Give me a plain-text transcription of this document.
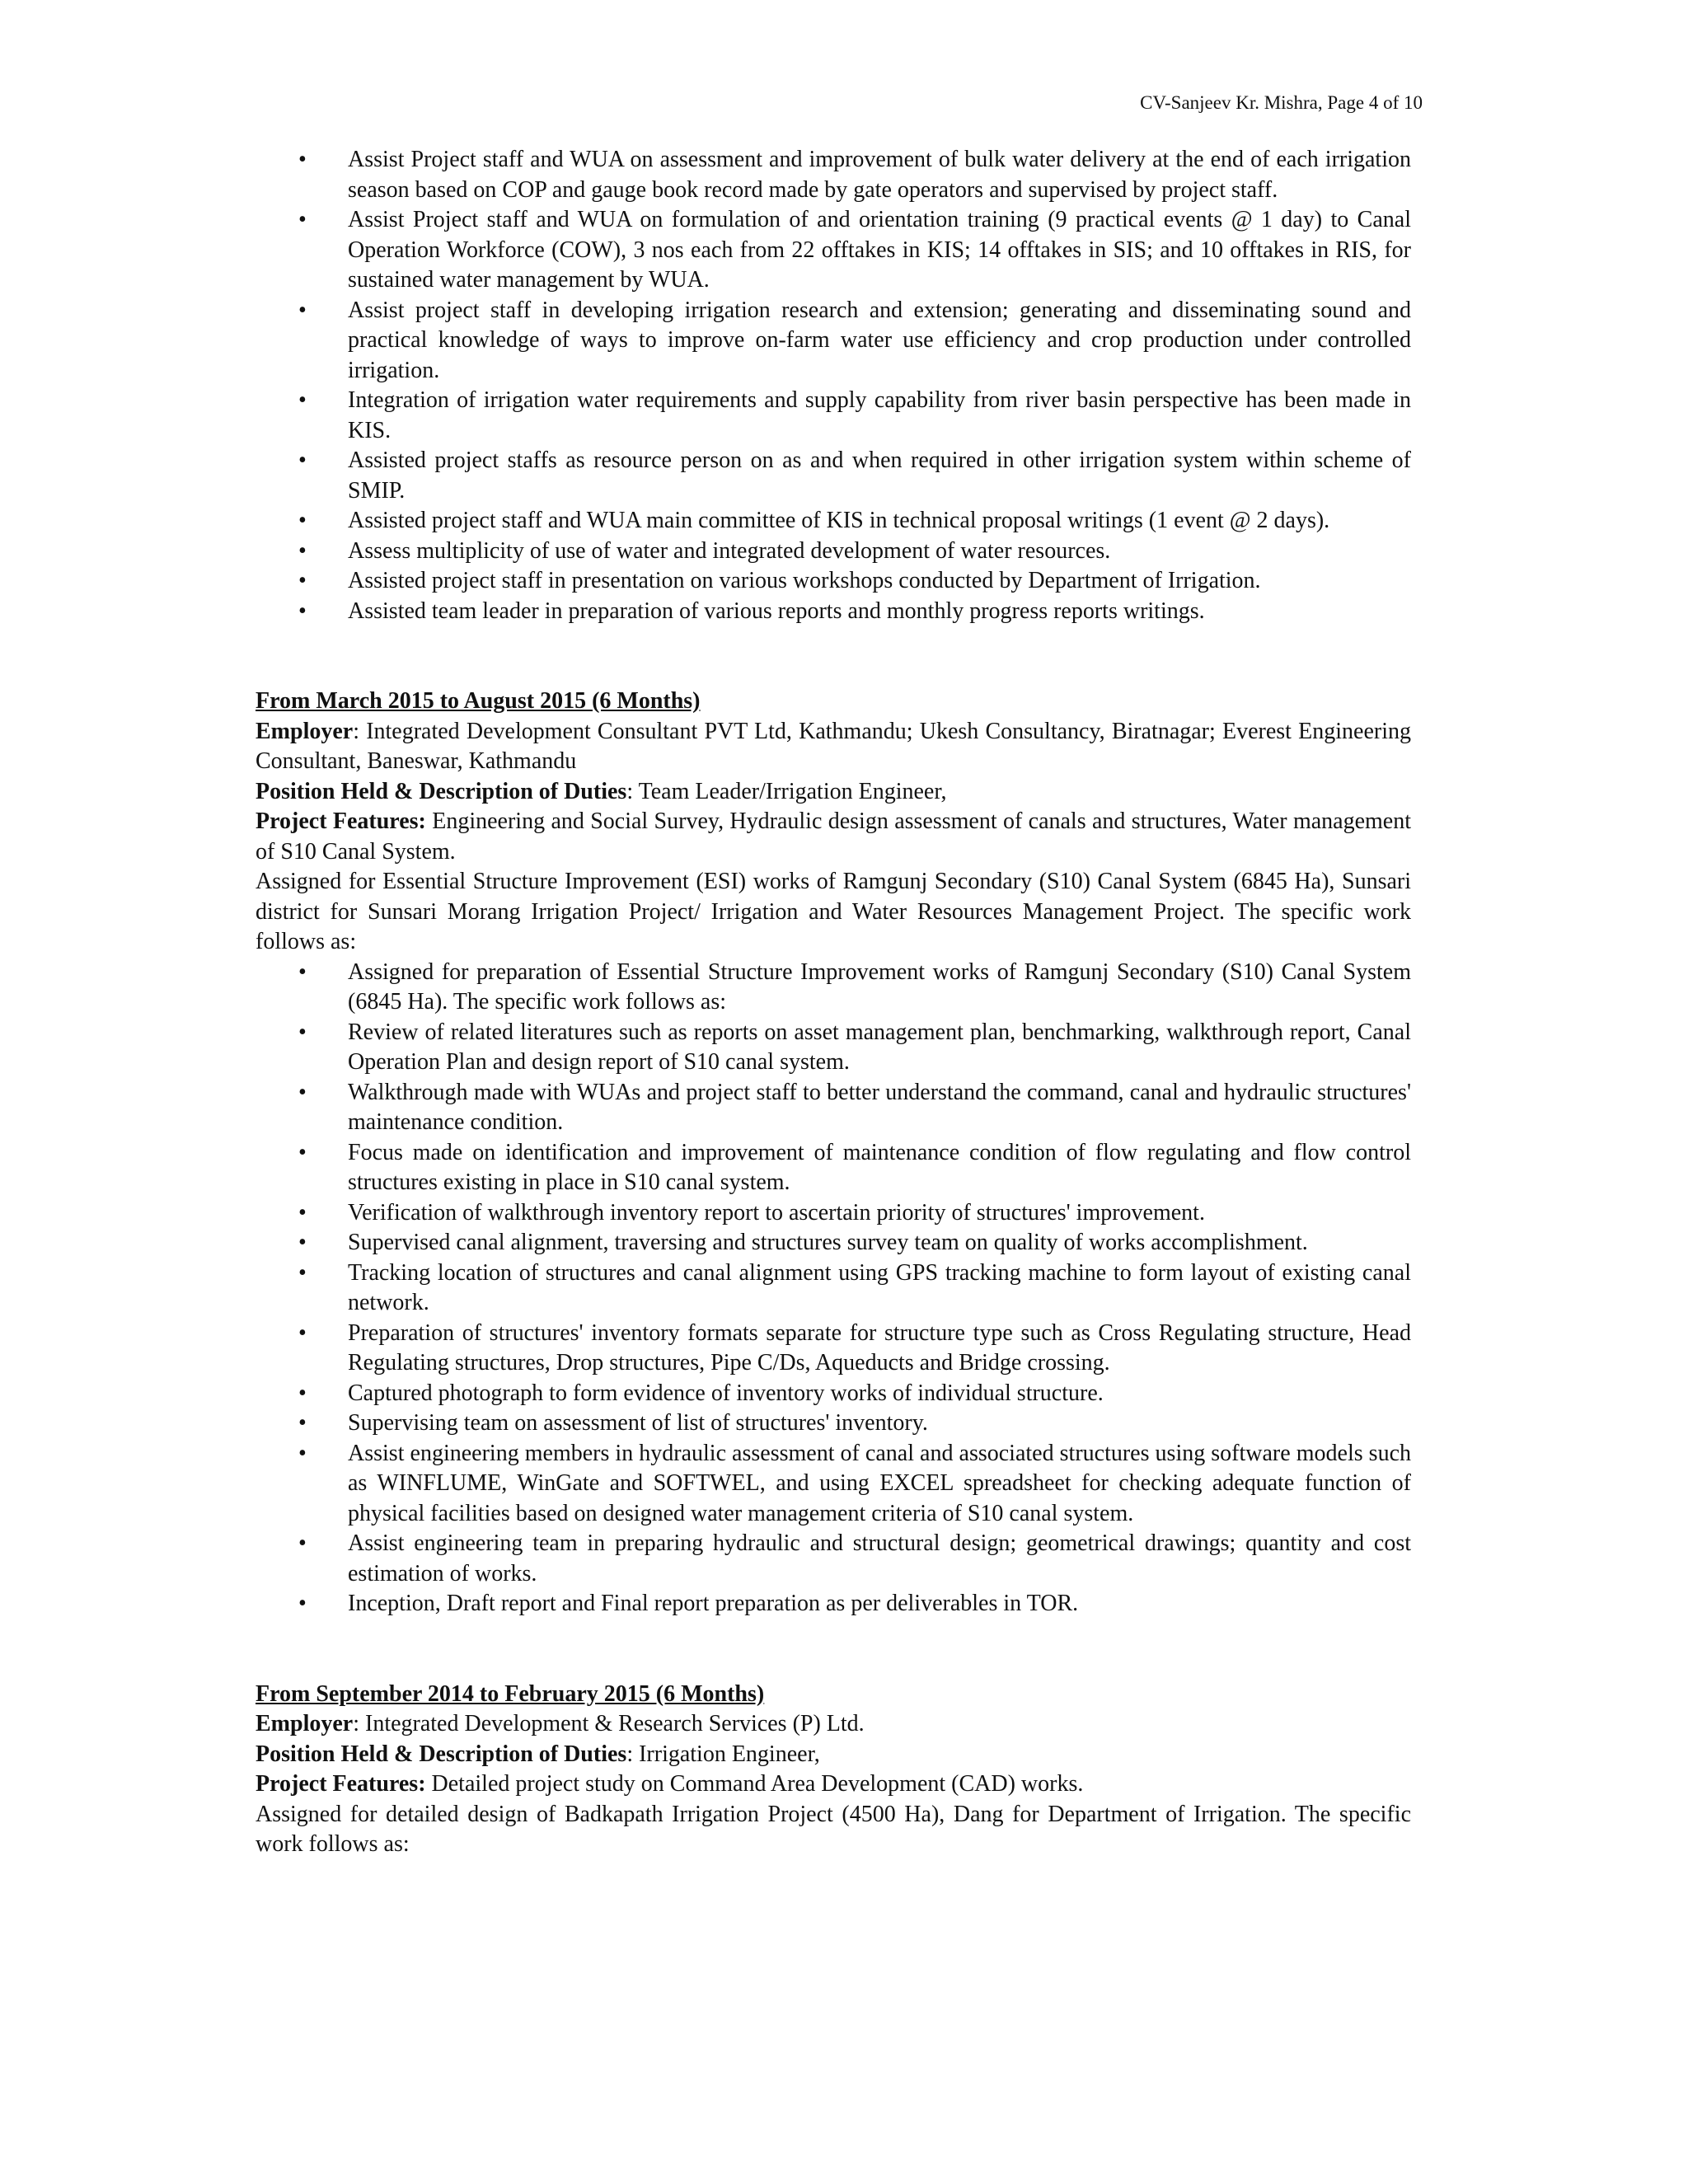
CV-Sanjeev Kr. Mishra, Page 4 of 10
• Assist Project staff and WUA on assessment and improvement of bulk water delivery at the end of each irrigation season based on COP and gauge book record made by gate operators and supervised by project staff.
• Assist Project staff and WUA on formulation of and orientation training (9 practical events @ 1 day) to Canal Operation Workforce (COW), 3 nos each from 22 offtakes in KIS; 14 offtakes in SIS; and 10 offtakes in RIS, for sustained water management by WUA.
• Assist project staff in developing irrigation research and extension; generating and disseminating sound and practical knowledge of ways to improve on-farm water use efficiency and crop production under controlled irrigation.
• Integration of irrigation water requirements and supply capability from river basin perspective has been made in KIS.
• Assisted project staffs as resource person on as and when required in other irrigation system within scheme of SMIP.
• Assisted project staff and WUA main committee of KIS in technical proposal writings (1 event @ 2 days).
• Assess multiplicity of use of water and integrated development of water resources.
• Assisted project staff in presentation on various workshops conducted by Department of Irrigation.
• Assisted team leader in preparation of various reports and monthly progress reports writings.

From March 2015 to August 2015 (6 Months)

Employer: Integrated Development Consultant PVT Ltd, Kathmandu; Ukesh Consultancy, Biratnagar; Everest Engineering Consultant, Baneswar, Kathmandu

Position Held & Description of Duties: Team Leader/Irrigation Engineer,

Project Features: Engineering and Social Survey, Hydraulic design assessment of canals and structures, Water management of S10 Canal System.

Assigned for Essential Structure Improvement (ESI) works of Ramgunj Secondary (S10) Canal System (6845 Ha), Sunsari district for Sunsari Morang Irrigation Project/ Irrigation and Water Resources Management Project. The specific work follows as:

• Assigned for preparation of Essential Structure Improvement works of Ramgunj Secondary (S10) Canal System (6845 Ha). The specific work follows as:
• Review of related literatures such as reports on asset management plan, benchmarking, walkthrough report, Canal Operation Plan and design report of S10 canal system.
• Walkthrough made with WUAs and project staff to better understand the command, canal and hydraulic structures' maintenance condition.
• Focus made on identification and improvement of maintenance condition of flow regulating and flow control structures existing in place in S10 canal system.
• Verification of walkthrough inventory report to ascertain priority of structures' improvement.
• Supervised canal alignment, traversing and structures survey team on quality of works accomplishment.
• Tracking location of structures and canal alignment using GPS tracking machine to form layout of existing canal network.
• Preparation of structures' inventory formats separate for structure type such as Cross Regulating structure, Head Regulating structures, Drop structures, Pipe C/Ds, Aqueducts and Bridge crossing.
• Captured photograph to form evidence of inventory works of individual structure.
• Supervising team on assessment of list of structures' inventory.
• Assist engineering members in hydraulic assessment of canal and associated structures using software models such as WINFLUME, WinGate and SOFTWEL, and using EXCEL spreadsheet for checking adequate function of physical facilities based on designed water management criteria of S10 canal system.
• Assist engineering team in preparing hydraulic and structural design; geometrical drawings; quantity and cost estimation of works.
• Inception, Draft report and Final report preparation as per deliverables in TOR.

From September 2014 to February 2015 (6 Months)

Employer: Integrated Development & Research Services (P) Ltd.

Position Held & Description of Duties: Irrigation Engineer,

Project Features: Detailed project study on Command Area Development (CAD) works.

Assigned for detailed design of Badkapath Irrigation Project (4500 Ha), Dang for Department of Irrigation. The specific work follows as:
